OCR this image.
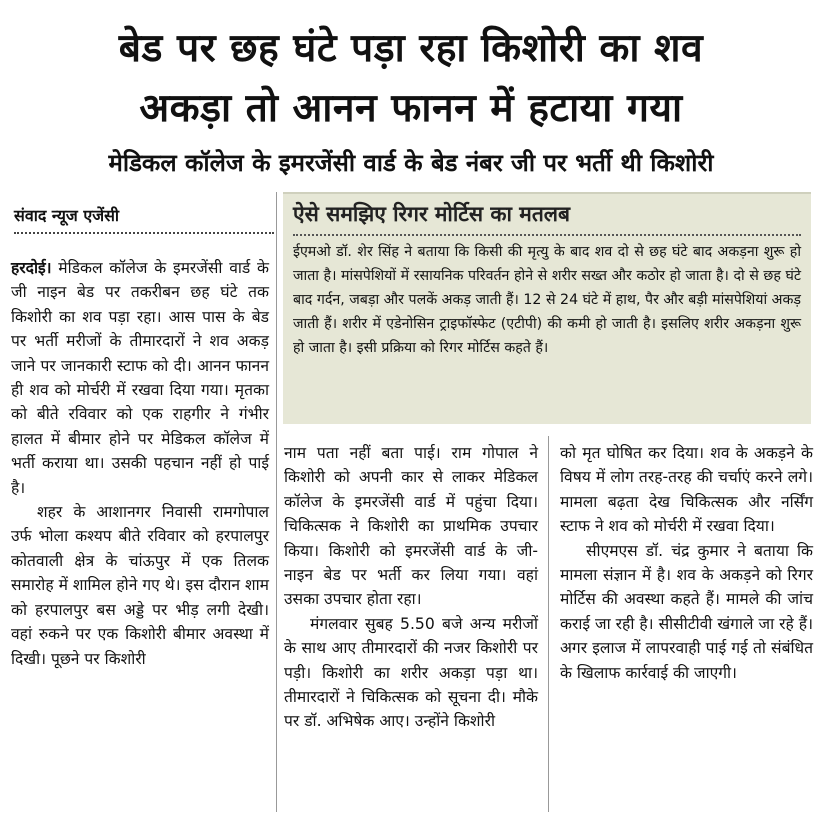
बेड पर छह घंटे पड़ा रहा किशोरी का शव
अकड़ा तो आनन फानन में हटाया गया
मेडिकल कॉलेज के इमरजेंसी वार्ड के बेड नंबर जी पर भर्ती थी किशोरी
संवाद न्यूज एजेंसी	ऐसे समझिए रिगर मोर्टिस का मतलब
ईएमओ डॉ. शेर सिंह ने बताया कि किसी की मृत्यु के बाद शव दो से छह घंटे बाद अकड़ना शुरू हो जाता है। मांसपेशियों में रसायनिक परिवर्तन होने से शरीर सख्त और कठोर हो जाता है। दो से छह घंटे बाद गर्दन, जबड़ा और पलकें अकड़ जाती हैं। 12 से 24 घंटे में हाथ, पैर और बड़ी मांसपेशियां अकड़ जाती हैं। शरीर में एडेनोसिन ट्राइफॉस्फेट (एटीपी) की कमी हो जाती है। इसलिए शरीर अकड़ना शुरू हो जाता है। इसी प्रक्रिया को रिगर मोर्टिस कहते हैं।

हरदोई। मेडिकल कॉलेज के इमरजेंसी वार्ड के जी नाइन बेड पर तकरीबन छह घंटे तक किशोरी का शव पड़ा रहा। आस पास के बेड पर भर्ती मरीजों के तीमारदारों ने शव अकड़ जाने पर जानकारी स्टाफ को दी। आनन फानन ही शव को मोर्चरी में रखवा दिया गया। मृतका को बीते रविवार को एक राहगीर ने गंभीर हालत में बीमार होने पर मेडिकल कॉलेज में भर्ती कराया था। उसकी पहचान नहीं हो पाई है।

शहर के आशानगर निवासी रामगोपाल उर्फ भोला कश्यप बीते रविवार को हरपालपुर कोतवाली क्षेत्र के चांऊपुर में एक तिलक समारोह में शामिल होने गए थे। इस दौरान शाम को हरपालपुर बस अड्डे पर भीड़ लगी देखी। वहां रुकने पर एक किशोरी बीमार अवस्था में दिखी। पूछने पर किशोरी

नाम पता नहीं बता पाई। राम गोपाल ने किशोरी को अपनी कार से लाकर मेडिकल कॉलेज के इमरजेंसी वार्ड में पहुंचा दिया। चिकित्सक ने किशोरी का प्राथमिक उपचार किया। किशोरी को इमरजेंसी वार्ड के जी-नाइन बेड पर भर्ती कर लिया गया। वहां उसका उपचार होता रहा।

मंगलवार सुबह 5.50 बजे अन्य मरीजों के साथ आए तीमारदारों की नजर किशोरी पर पड़ी। किशोरी का शरीर अकड़ा पड़ा था। तीमारदारों ने चिकित्सक को सूचना दी। मौके पर डॉ. अभिषेक आए। उन्होंने किशोरी

को मृत घोषित कर दिया। शव के अकड़ने के विषय में लोग तरह-तरह की चर्चाएं करने लगे। मामला बढ़ता देख चिकित्सक और नर्सिंग स्टाफ ने शव को मोर्चरी में रखवा दिया।

सीएमएस डॉ. चंद्र कुमार ने बताया कि मामला संज्ञान में है। शव के अकड़ने को रिगर मोर्टिस की अवस्था कहते हैं। मामले की जांच कराई जा रही है। सीसीटीवी खंगाले जा रहे हैं। अगर इलाज में लापरवाही पाई गई तो संबंधित के खिलाफ कार्रवाई की जाएगी।
